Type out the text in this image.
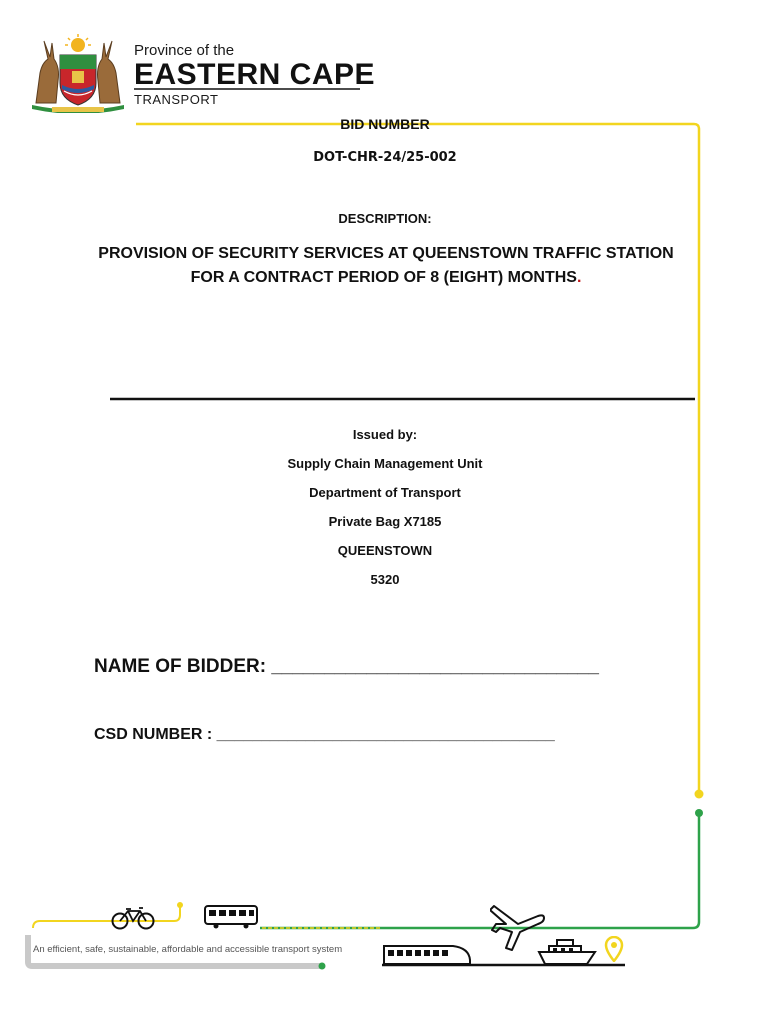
Province of the
EASTERN CAPE
TRANSPORT
BID NUMBER
DOT-CHR-24/25-002
DESCRIPTION:
PROVISION OF SECURITY SERVICES AT QUEENSTOWN TRAFFIC STATION FOR A CONTRACT PERIOD OF 8 (EIGHT) MONTHS.
Issued by:
Supply Chain Management Unit
Department of Transport
Private Bag X7185
QUEENSTOWN
5320
NAME OF BIDDER: _______________________________
CSD NUMBER : ______________________________________
An efficient, safe, sustainable, affordable and accessible transport system
